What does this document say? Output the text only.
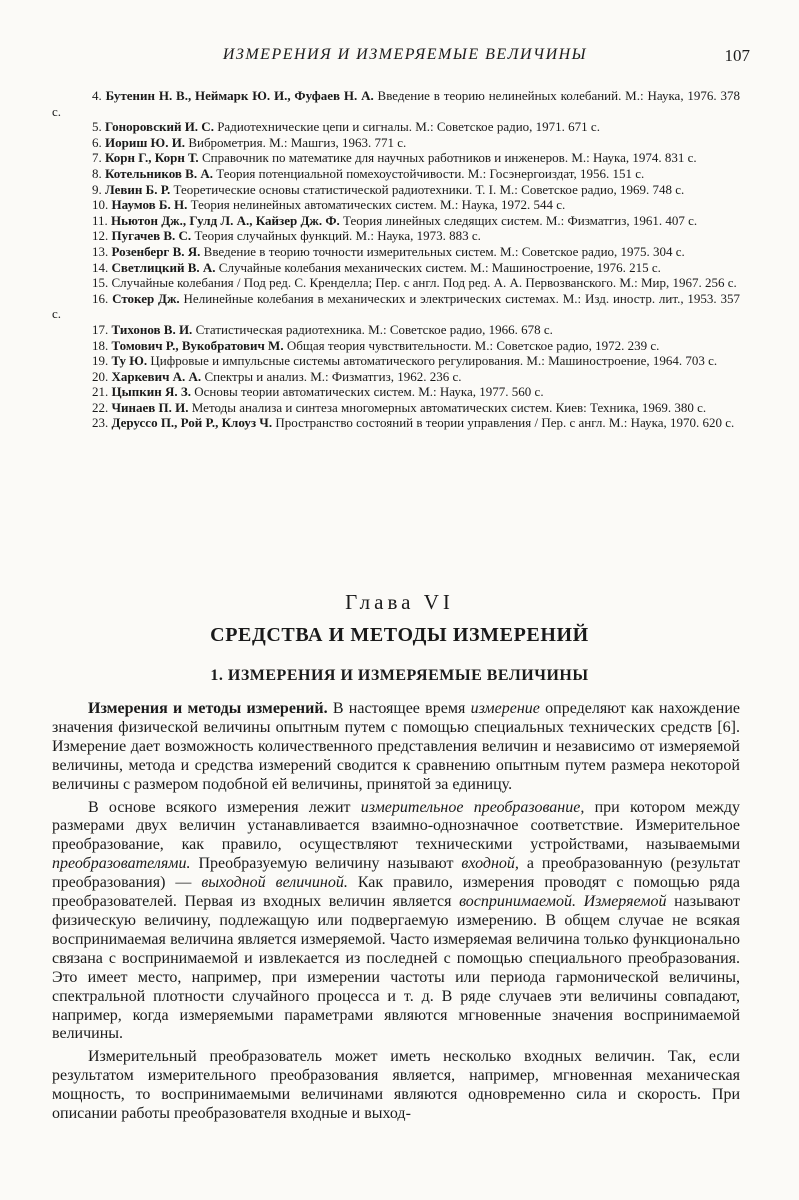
ИЗМЕРЕНИЯ И ИЗМЕРЯЕМЫЕ ВЕЛИЧИНЫ	107

4. Бутенин Н. В., Неймарк Ю. И., Фуфаев Н. А. Введение в теорию нелинейных колебаний. М.: Наука, 1976. 378 с.

5. Гоноровский И. С. Радиотехнические цепи и сигналы. М.: Советское радио, 1971. 671 с.

6. Иориш Ю. И. Виброметрия. М.: Машгиз, 1963. 771 с.

7. Корн Г., Корн Т. Справочник по математике для научных работников и инженеров. М.: Наука, 1974. 831 с.

8. Котельников В. А. Теория потенциальной помехоустойчивости. М.: Госэнергоиздат, 1956. 151 с.

9. Левин Б. Р. Теоретические основы статистической радиотехники. Т. I. М.: Советское радио, 1969. 748 с.

10. Наумов Б. Н. Теория нелинейных автоматических систем. М.: Наука, 1972. 544 с.

11. Ньютон Дж., Гулд Л. А., Кайзер Дж. Ф. Теория линейных следящих систем. М.: Физматгиз, 1961. 407 с.

12. Пугачев В. С. Теория случайных функций. М.: Наука, 1973. 883 с.

13. Розенберг В. Я. Введение в теорию точности измерительных систем. М.: Советское радио, 1975. 304 с.

14. Светлицкий В. А. Случайные колебания механических систем. М.: Машиностроение, 1976. 215 с.

15. Случайные колебания / Под ред. С. Кренделла; Пер. с англ. Под ред. А. А. Первозванского. М.: Мир, 1967. 256 с.

16. Стокер Дж. Нелинейные колебания в механических и электрических системах. М.: Изд. иностр. лит., 1953. 357 с.

17. Тихонов В. И. Статистическая радиотехника. М.: Советское радио, 1966. 678 с.

18. Томович Р., Вукобратович М. Общая теория чувствительности. М.: Советское радио, 1972. 239 с.

19. Ту Ю. Цифровые и импульсные системы автоматического регулирования. М.: Машиностроение, 1964. 703 с.

20. Харкевич А. А. Спектры и анализ. М.: Физматгиз, 1962. 236 с.

21. Цыпкин Я. З. Основы теории автоматических систем. М.: Наука, 1977. 560 с.

22. Чинаев П. И. Методы анализа и синтеза многомерных автоматических систем. Киев: Техника, 1969. 380 с.

23. Деруссо П., Рой Р., Клоуз Ч. Пространство состояний в теории управления / Пер. с англ. М.: Наука, 1970. 620 с.

Глава VI
СРЕДСТВА И МЕТОДЫ ИЗМЕРЕНИЙ
1. ИЗМЕРЕНИЯ И ИЗМЕРЯЕМЫЕ ВЕЛИЧИНЫ

Измерения и методы измерений. В настоящее время измерение определяют как нахождение значения физической величины опытным путем с помощью специальных технических средств [6]. Измерение дает возможность количественного представления величин и независимо от измеряемой величины, метода и средства измерений сводится к сравнению опытным путем размера некоторой величины с размером подобной ей величины, принятой за единицу.

В основе всякого измерения лежит измерительное преобразование, при котором между размерами двух величин устанавливается взаимно-однозначное соответствие. Измерительное преобразование, как правило, осуществляют техническими устройствами, называемыми преобразователями. Преобразуемую величину называют входной, а преобразованную (результат преобразования) — выходной величиной. Как правило, измерения проводят с помощью ряда преобразователей. Первая из входных величин является воспринимаемой. Измеряемой называют физическую величину, подлежащую или подвергаемую измерению. В общем случае не всякая воспринимаемая величина является измеряемой. Часто измеряемая величина только функционально связана с воспринимаемой и извлекается из последней с помощью специального преобразования. Это имеет место, например, при измерении частоты или периода гармонической величины, спектральной плотности случайного процесса и т. д. В ряде случаев эти величины совпадают, например, когда измеряемыми параметрами являются мгновенные значения воспринимаемой величины.

Измерительный преобразователь может иметь несколько входных величин. Так, если результатом измерительного преобразования является, например, мгновенная механическая мощность, то воспринимаемыми величинами являются одновременно сила и скорость. При описании работы преобразователя входные и выход-
